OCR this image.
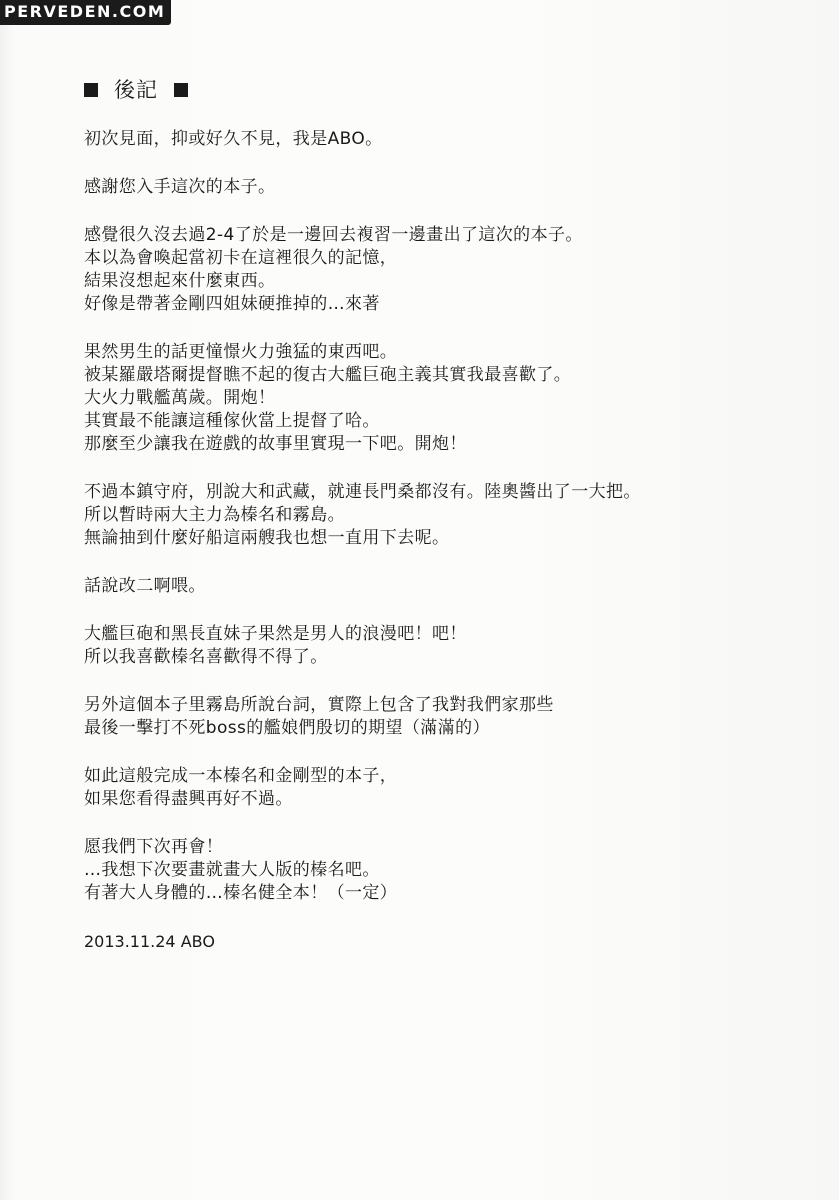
PERVEDEN.COM
後記
初次見面，抑或好久不見，我是ABO。
感謝您入手這次的本子。
感覺很久沒去過2-4了於是一邊回去複習一邊畫出了這次的本子。
本以為會喚起當初卡在這裡很久的記憶，
結果沒想起來什麼東西。
好像是帶著金剛四姐妹硬推掉的…來著
果然男生的話更憧憬火力強猛的東西吧。
被某羅嚴塔爾提督瞧不起的復古大艦巨砲主義其實我最喜歡了。
大火力戰艦萬歲。開炮！
其實最不能讓這種傢伙當上提督了哈。
那麼至少讓我在遊戲的故事里實現一下吧。開炮！
不過本鎮守府，別說大和武藏，就連長門桑都沒有。陸奧醬出了一大把。
所以暫時兩大主力為榛名和霧島。
無論抽到什麼好船這兩艘我也想一直用下去呢。
話說改二啊喂。
大艦巨砲和黑長直妹子果然是男人的浪漫吧！吧！
所以我喜歡榛名喜歡得不得了。
另外這個本子里霧島所說台詞，實際上包含了我對我們家那些
最後一擊打不死boss的艦娘們殷切的期望（滿滿的）
如此這般完成一本榛名和金剛型的本子，
如果您看得盡興再好不過。
愿我們下次再會！
…我想下次要畫就畫大人版的榛名吧。
有著大人身體的…榛名健全本！（一定）
2013.11.24 ABO
